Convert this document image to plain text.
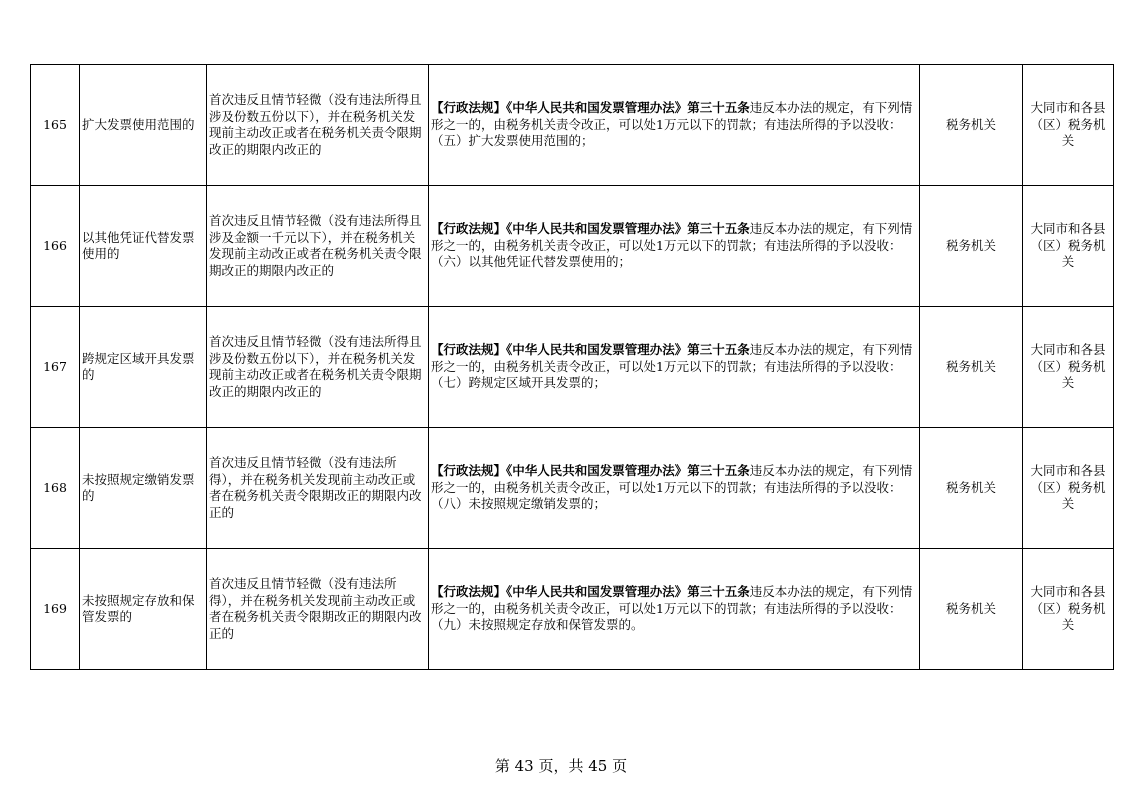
165	扩大发票使用范围的	首次违反且情节轻微（没有违法所得且涉及份数五份以下），并在税务机关发现前主动改正或者在税务机关责令限期改正的期限内改正的	【行政法规】《中华人民共和国发票管理办法》第三十五条违反本办法的规定，有下列情形之一的，由税务机关责令改正，可以处1万元以下的罚款；有违法所得的予以没收：
（五）扩大发票使用范围的；	税务机关	大同市和各县（区）税务机关
166	以其他凭证代替发票使用的	首次违反且情节轻微（没有违法所得且涉及金额一千元以下），并在税务机关发现前主动改正或者在税务机关责令限期改正的期限内改正的	【行政法规】《中华人民共和国发票管理办法》第三十五条违反本办法的规定，有下列情形之一的，由税务机关责令改正，可以处1万元以下的罚款；有违法所得的予以没收：
（六）以其他凭证代替发票使用的；	税务机关	大同市和各县（区）税务机关
167	跨规定区域开具发票的	首次违反且情节轻微（没有违法所得且涉及份数五份以下），并在税务机关发现前主动改正或者在税务机关责令限期改正的期限内改正的	【行政法规】《中华人民共和国发票管理办法》第三十五条违反本办法的规定，有下列情形之一的，由税务机关责令改正，可以处1万元以下的罚款；有违法所得的予以没收：
（七）跨规定区域开具发票的；	税务机关	大同市和各县（区）税务机关
168	未按照规定缴销发票的	首次违反且情节轻微（没有违法所得），并在税务机关发现前主动改正或者在税务机关责令限期改正的期限内改正的	【行政法规】《中华人民共和国发票管理办法》第三十五条违反本办法的规定，有下列情形之一的，由税务机关责令改正，可以处1万元以下的罚款；有违法所得的予以没收：
（八）未按照规定缴销发票的；	税务机关	大同市和各县（区）税务机关
169	未按照规定存放和保管发票的	首次违反且情节轻微（没有违法所得），并在税务机关发现前主动改正或者在税务机关责令限期改正的期限内改正的	【行政法规】《中华人民共和国发票管理办法》第三十五条违反本办法的规定，有下列情形之一的，由税务机关责令改正，可以处1万元以下的罚款；有违法所得的予以没收：
（九）未按照规定存放和保管发票的。	税务机关	大同市和各县（区）税务机关
第 43 页，共 45 页
